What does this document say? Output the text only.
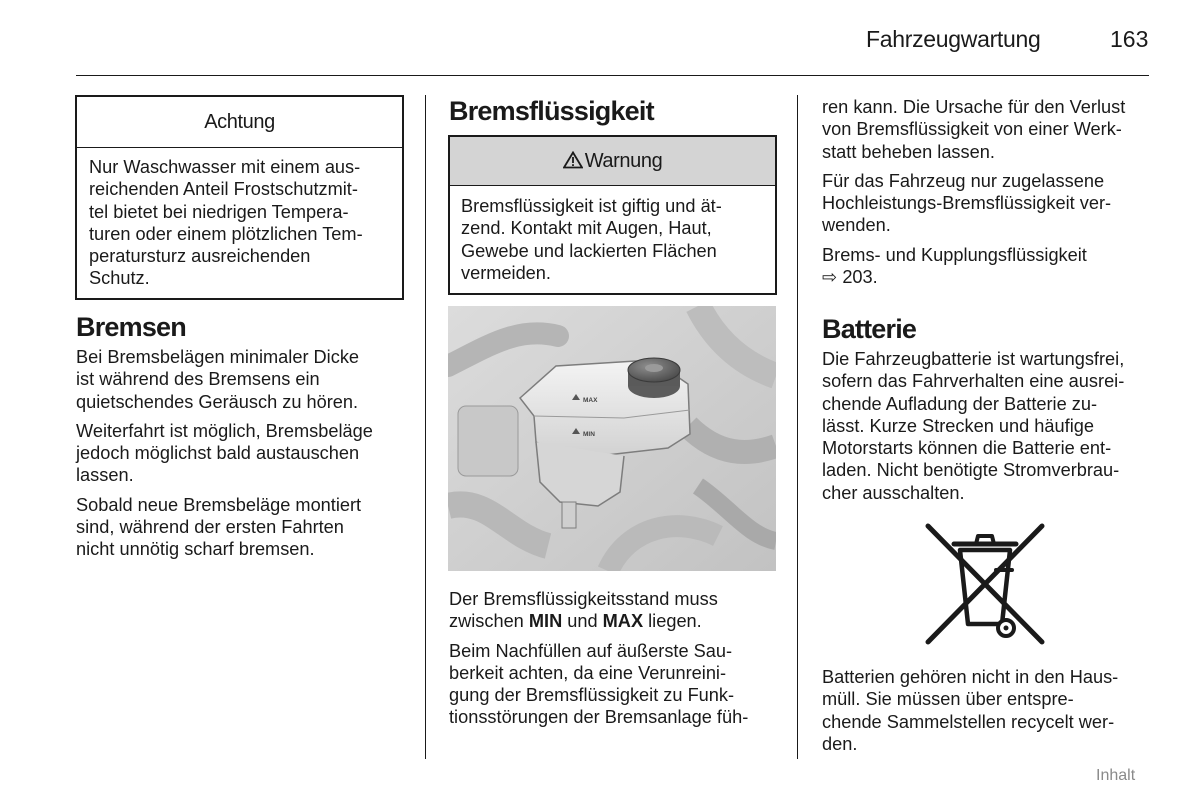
Fahrzeugwartung	163
Achtung
Nur Waschwasser mit einem aus-
reichenden Anteil Frostschutzmit-
tel bietet bei niedrigen Tempera-
turen oder einem plötzlichen Tem-
peratursturz ausreichenden
Schutz.
Bremsen

Bei Bremsbelägen minimaler Dicke
ist während des Bremsens ein
quietschendes Geräusch zu hören.

Weiterfahrt ist möglich, Bremsbeläge
jedoch möglichst bald austauschen
lassen.

Sobald neue Bremsbeläge montiert
sind, während der ersten Fahrten
nicht unnötig scharf bremsen.

Bremsflüssigkeit
Warnung
Bremsflüssigkeit ist giftig und ät-
zend. Kontakt mit Augen, Haut,
Gewebe und lackierten Flächen
vermeiden.
MAX
MIN

Der Bremsflüssigkeitsstand muss
zwischen MIN und MAX liegen.

Beim Nachfüllen auf äußerste Sau-
berkeit achten, da eine Verunreini-
gung der Bremsflüssigkeit zu Funk-
tionsstörungen der Bremsanlage füh-

ren kann. Die Ursache für den Verlust
von Bremsflüssigkeit von einer Werk-
statt beheben lassen.

Für das Fahrzeug nur zugelassene
Hochleistungs-Bremsflüssigkeit ver-
wenden.

Brems- und Kupplungsflüssigkeit
⇨ 203.

Batterie
Die Fahrzeugbatterie ist wartungsfrei,
sofern das Fahrverhalten eine ausrei-
chende Aufladung der Batterie zu-
lässt. Kurze Strecken und häufige
Motorstarts können die Batterie ent-
laden. Nicht benötigte Stromverbrau-
cher ausschalten.
Batterien gehören nicht in den Haus-
müll. Sie müssen über entspre-
chende Sammelstellen recycelt wer-
den.
Inhalt
